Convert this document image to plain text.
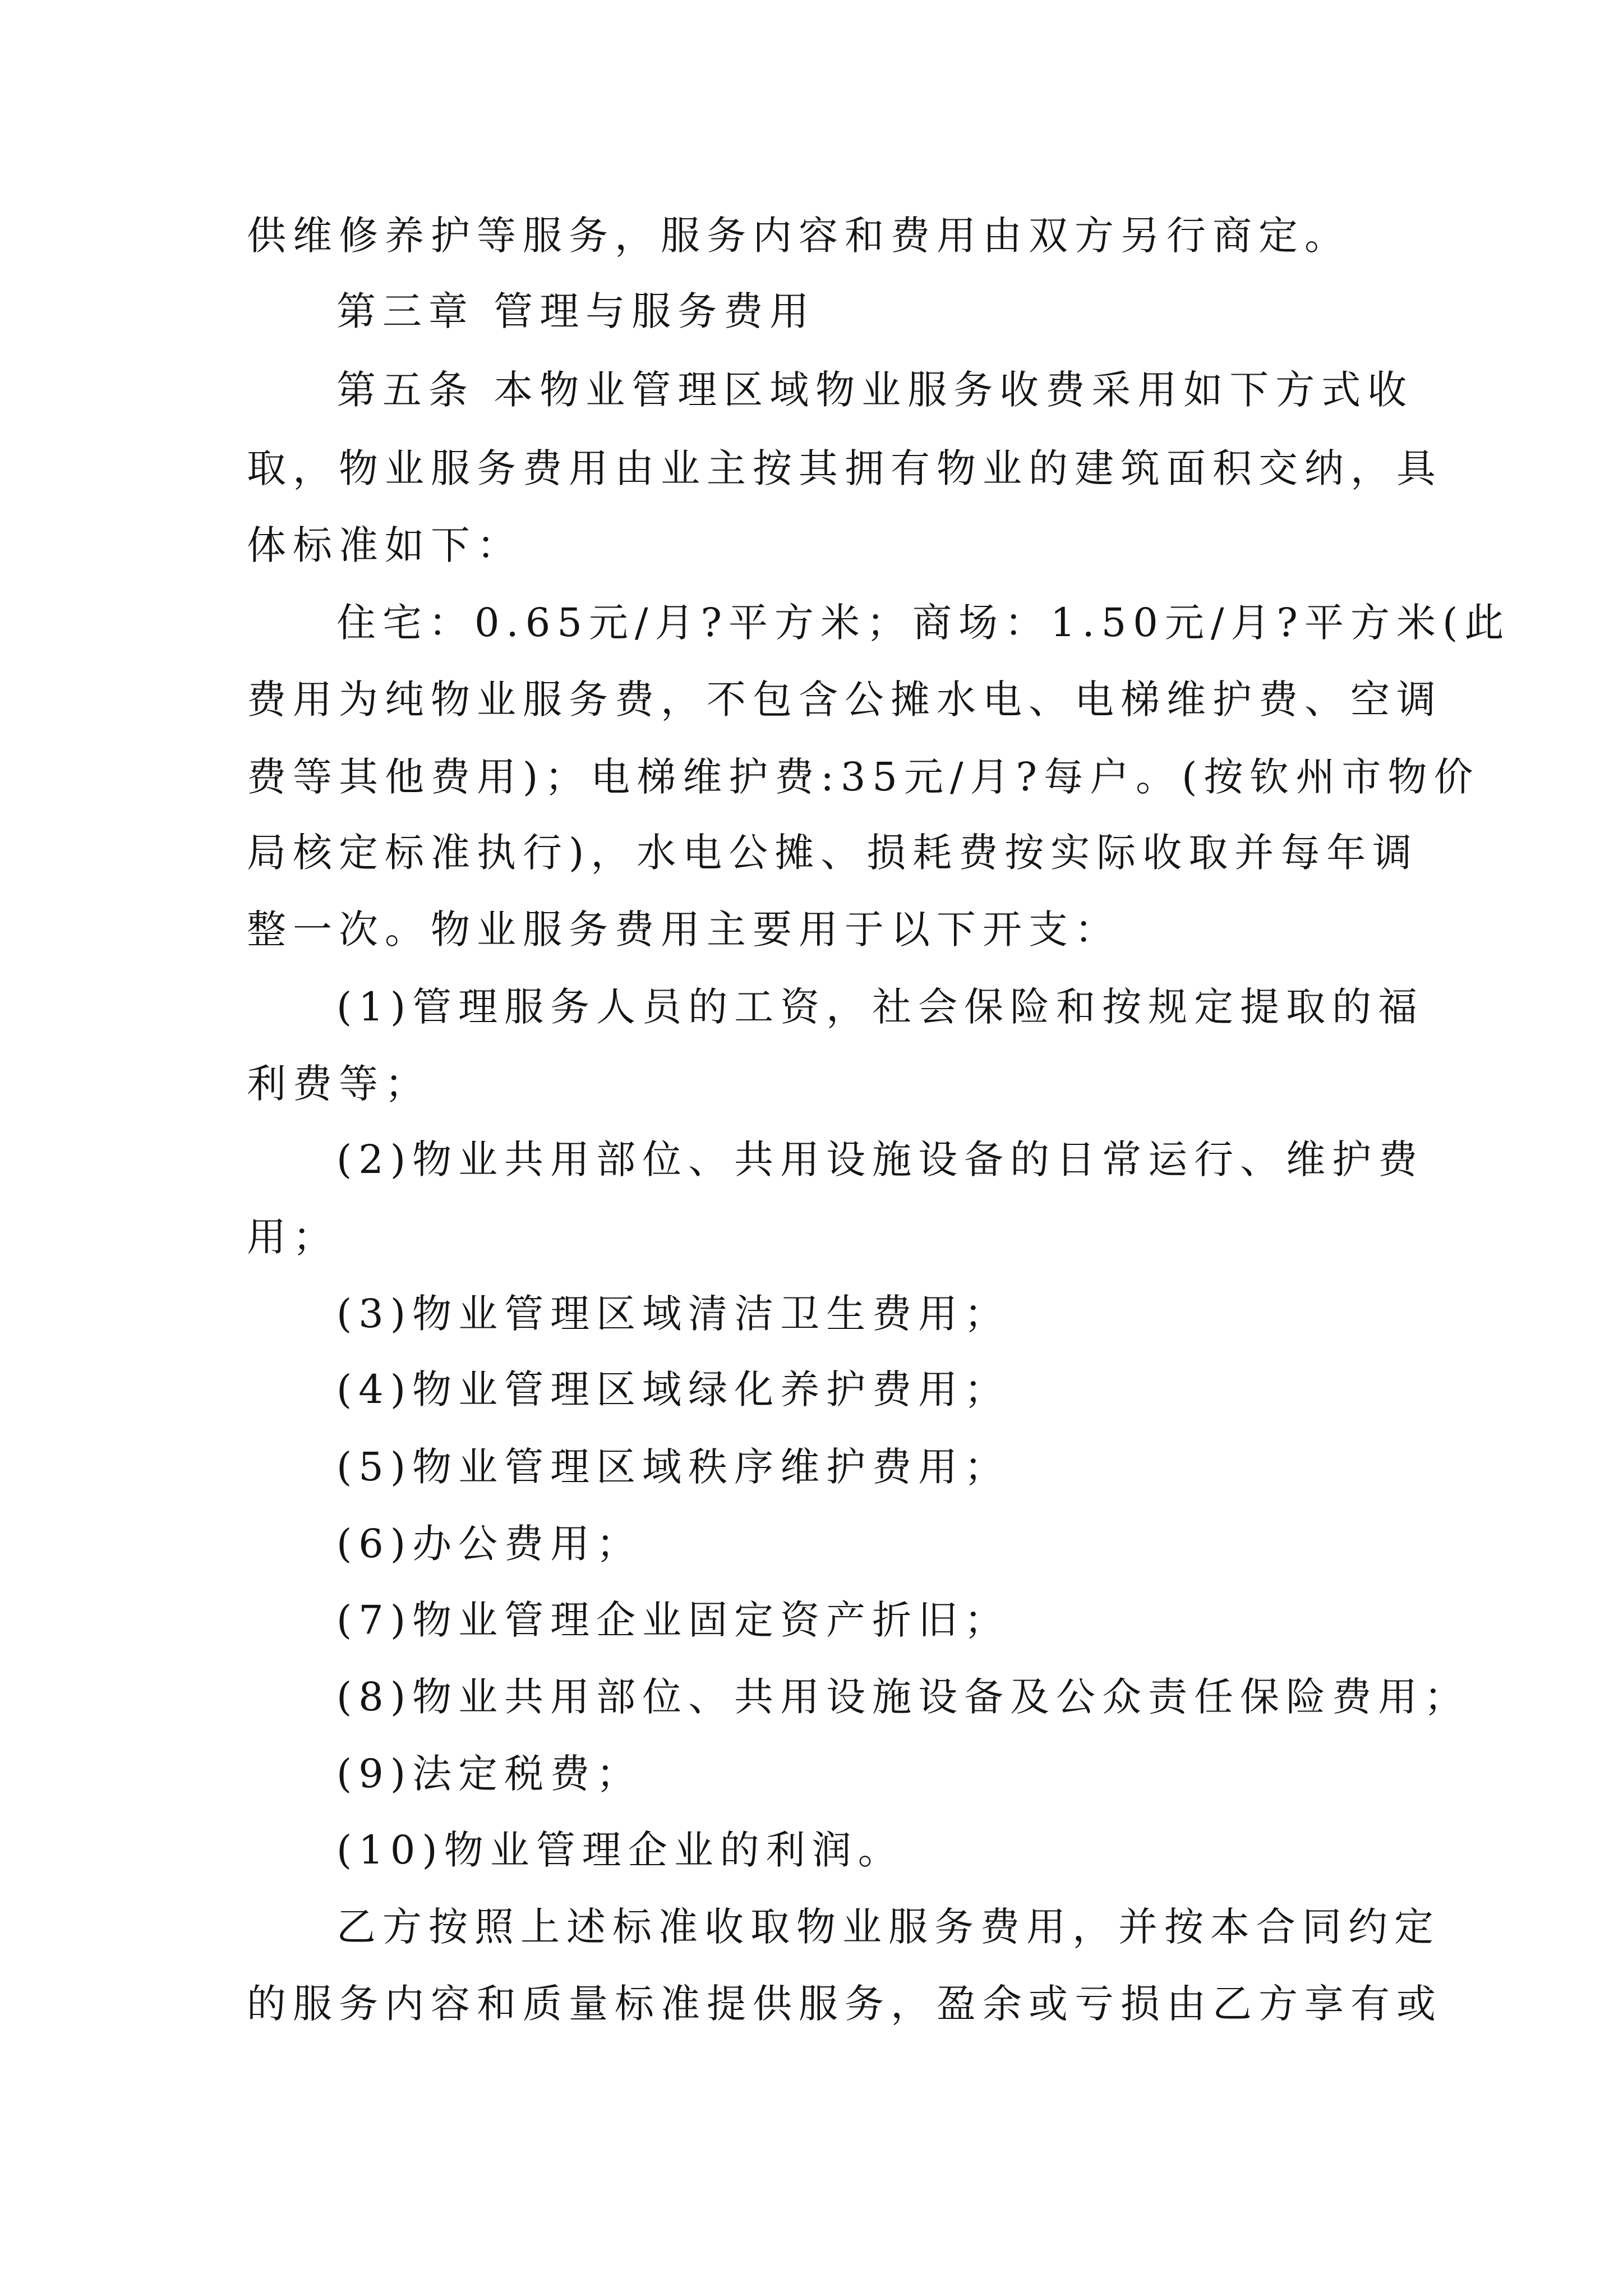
供维修养护等服务，服务内容和费用由双方另行商定。

第三章 管理与服务费用

第五条 本物业管理区域物业服务收费采用如下方式收

取，物业服务费用由业主按其拥有物业的建筑面积交纳，具

体标准如下：

住宅：0.65元/月?平方米；商场：1.50元/月?平方米(此

费用为纯物业服务费，不包含公摊水电、电梯维护费、空调

费等其他费用)；电梯维护费:35元/月?每户。(按钦州市物价

局核定标准执行)，水电公摊、损耗费按实际收取并每年调

整一次。物业服务费用主要用于以下开支：

(1)管理服务人员的工资，社会保险和按规定提取的福

利费等；

(2)物业共用部位、共用设施设备的日常运行、维护费

用；

(3)物业管理区域清洁卫生费用；

(4)物业管理区域绿化养护费用；

(5)物业管理区域秩序维护费用；

(6)办公费用；

(7)物业管理企业固定资产折旧；

(8)物业共用部位、共用设施设备及公众责任保险费用；

(9)法定税费；

(10)物业管理企业的利润。

乙方按照上述标准收取物业服务费用，并按本合同约定

的服务内容和质量标准提供服务，盈余或亏损由乙方享有或
